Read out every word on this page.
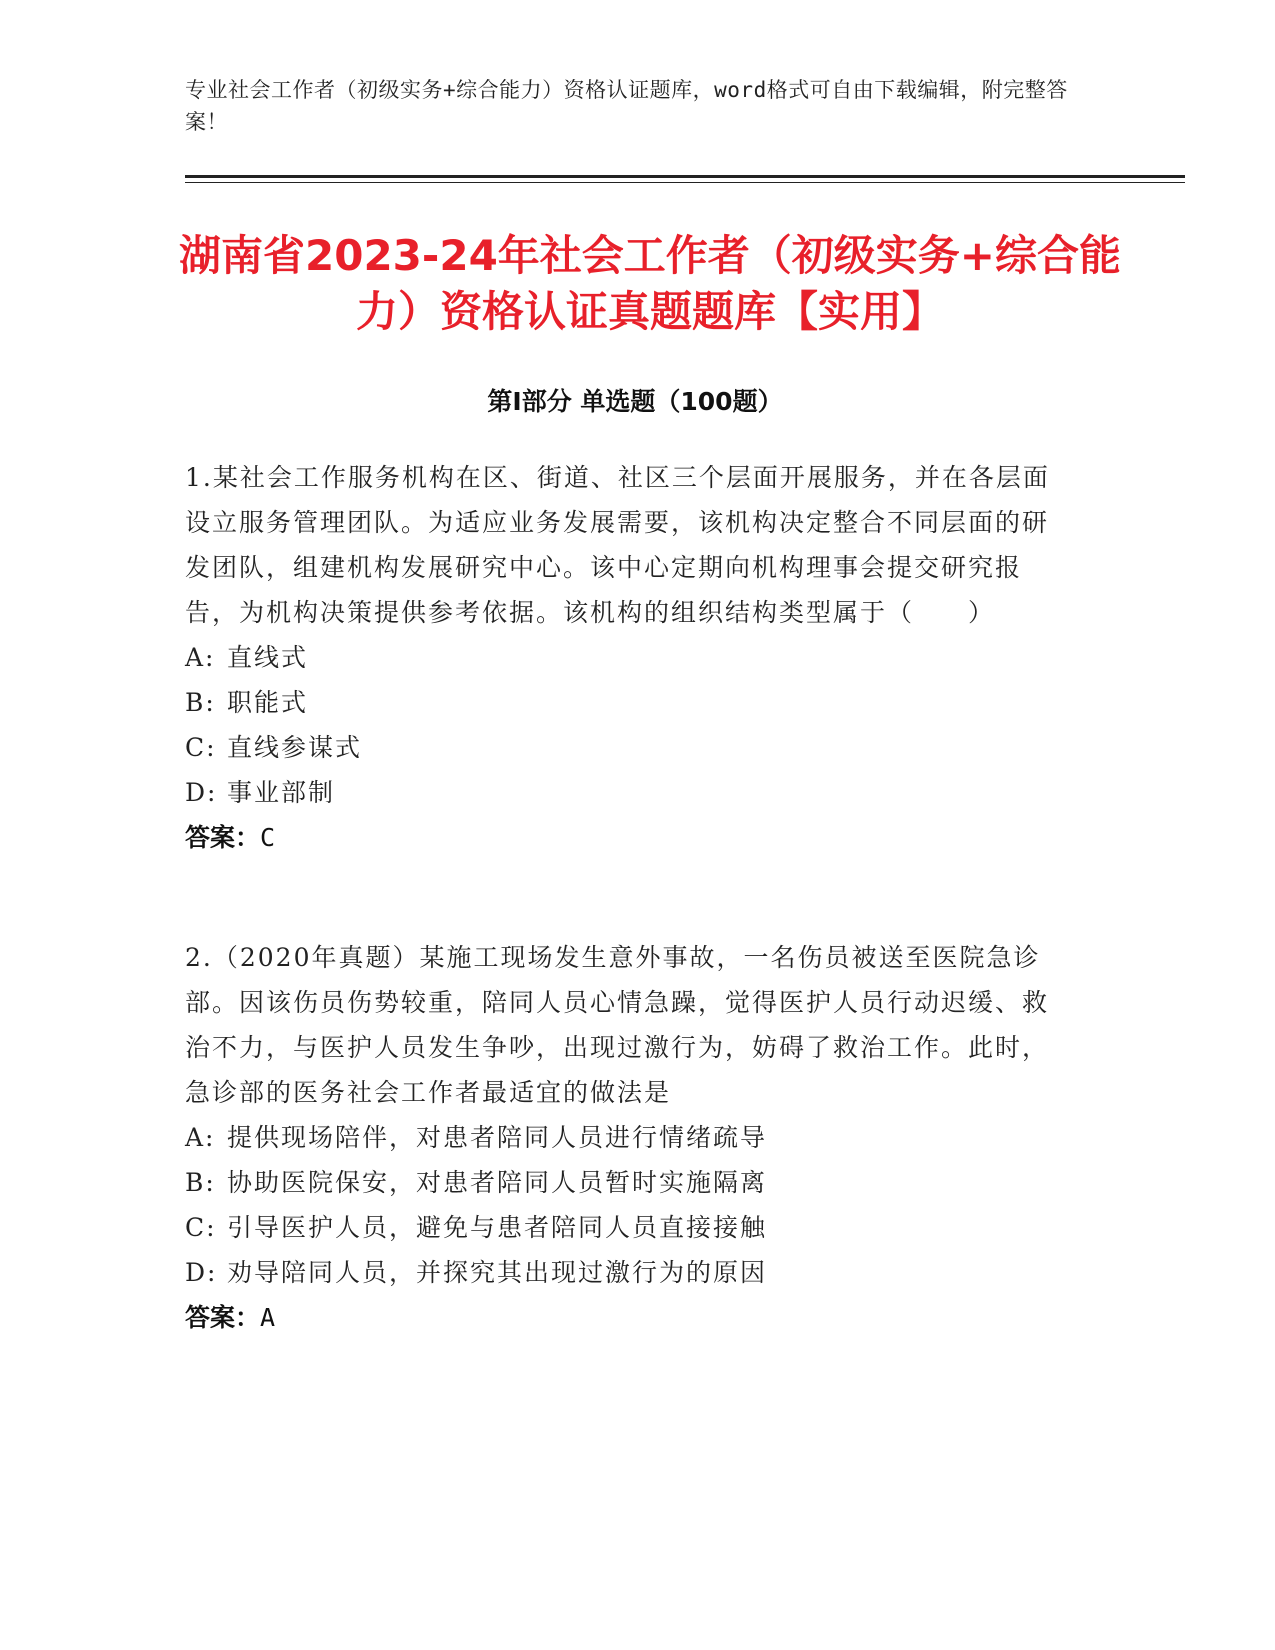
专业社会工作者（初级实务+综合能力）资格认证题库，word格式可自由下载编辑，附完整答案！
湖南省2023-24年社会工作者（初级实务+综合能力）资格认证真题题库【实用】
第I部分 单选题（100题）
1.某社会工作服务机构在区、街道、社区三个层面开展服务，并在各层面设立服务管理团队。为适应业务发展需要，该机构决定整合不同层面的研发团队，组建机构发展研究中心。该中心定期向机构理事会提交研究报告，为机构决策提供参考依据。该机构的组织结构类型属于（　　）
A: 直线式
B: 职能式
C: 直线参谋式
D: 事业部制
答案：C
2.（2020年真题）某施工现场发生意外事故，一名伤员被送至医院急诊部。因该伤员伤势较重，陪同人员心情急躁，觉得医护人员行动迟缓、救治不力，与医护人员发生争吵，出现过激行为，妨碍了救治工作。此时，急诊部的医务社会工作者最适宜的做法是
A: 提供现场陪伴，对患者陪同人员进行情绪疏导
B: 协助医院保安，对患者陪同人员暂时实施隔离
C: 引导医护人员，避免与患者陪同人员直接接触
D: 劝导陪同人员，并探究其出现过激行为的原因
答案：A
